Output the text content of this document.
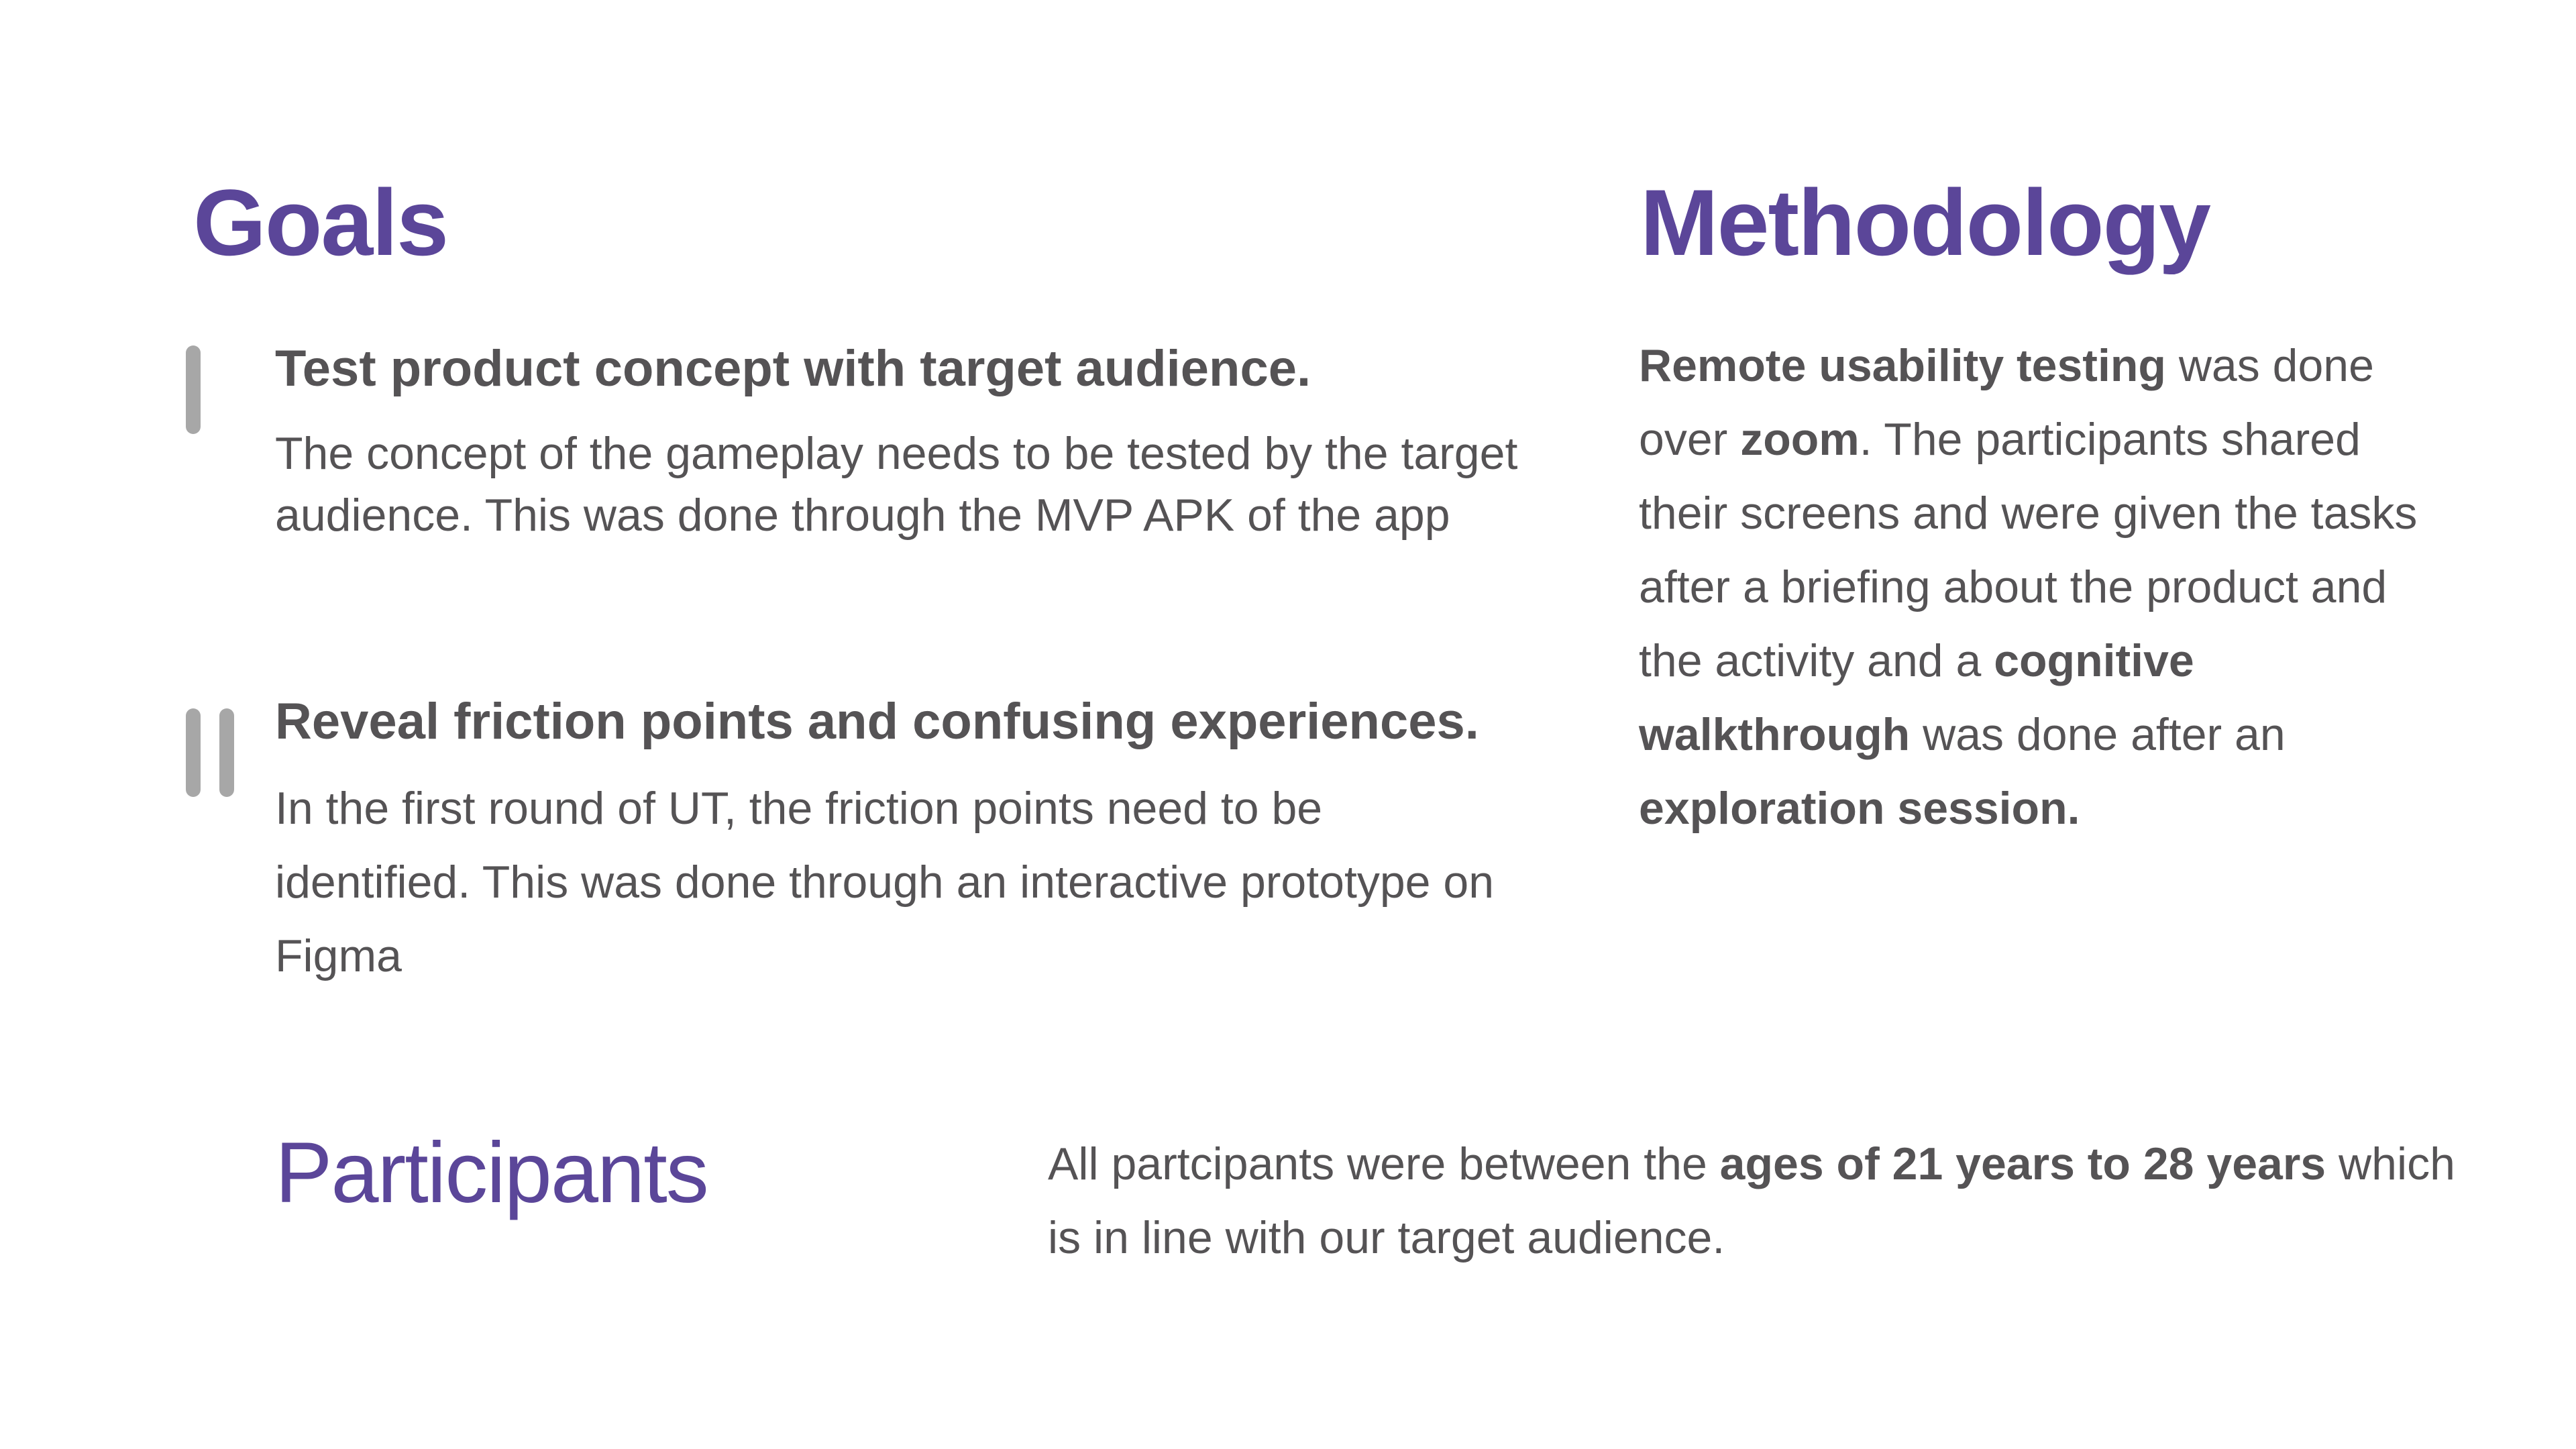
Goals
Test product concept with target audience.
The concept of the gameplay needs to be tested by the target audience. This was done through the MVP APK of the app
Reveal friction points and confusing experiences.
In the first round of UT, the friction points need to be identified. This was done through an interactive prototype on Figma
Methodology
Remote usability testing was done over zoom. The participants shared their screens and were given the tasks after a briefing about the product and the activity and a cognitive walkthrough was done after an exploration session.
Participants	All partcipants were between the ages of 21 years to 28 years which is in line with our target audience.
